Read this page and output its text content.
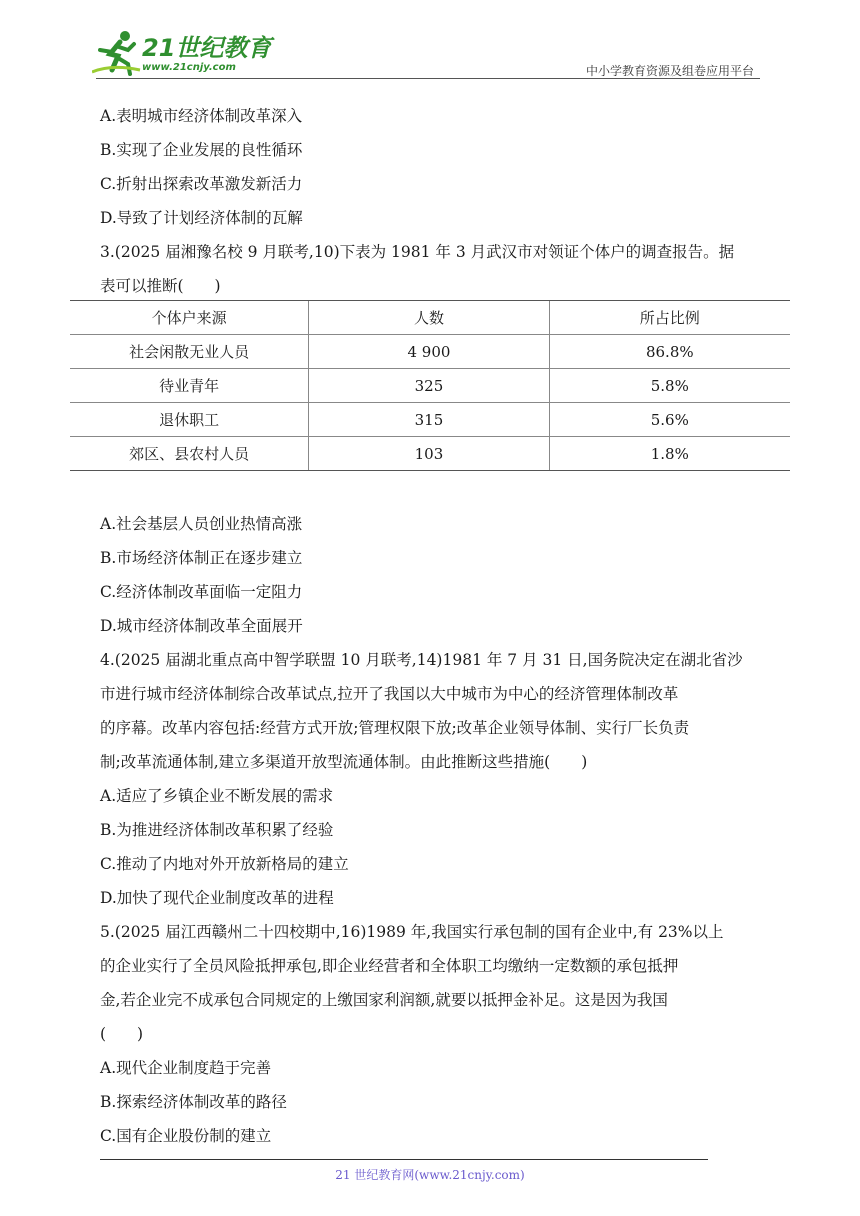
21世纪教育
www.21cnjy.com	中小学教育资源及组卷应用平台
A.表明城市经济体制改革深入
B.实现了企业发展的良性循环
C.折射出探索改革激发新活力
D.导致了计划经济体制的瓦解
3.(2025 届湘豫名校 9 月联考,10)下表为 1981 年 3 月武汉市对领证个体户的调查报告。据
表可以推断(　　)
个体户来源	人数	所占比例
社会闲散无业人员	4 900	86.8%
待业青年	325	5.8%
退休职工	315	5.6%
郊区、县农村人员	103	1.8%
A.社会基层人员创业热情高涨
B.市场经济体制正在逐步建立
C.经济体制改革面临一定阻力
D.城市经济体制改革全面展开
4.(2025 届湖北重点高中智学联盟 10 月联考,14)1981 年 7 月 31 日,国务院决定在湖北省沙
市进行城市经济体制综合改革试点,拉开了我国以大中城市为中心的经济管理体制改革
的序幕。改革内容包括:经营方式开放;管理权限下放;改革企业领导体制、实行厂长负责
制;改革流通体制,建立多渠道开放型流通体制。由此推断这些措施(　　)
A.适应了乡镇企业不断发展的需求
B.为推进经济体制改革积累了经验
C.推动了内地对外开放新格局的建立
D.加快了现代企业制度改革的进程
5.(2025 届江西赣州二十四校期中,16)1989 年,我国实行承包制的国有企业中,有 23%以上
的企业实行了全员风险抵押承包,即企业经营者和全体职工均缴纳一定数额的承包抵押
金,若企业完不成承包合同规定的上缴国家利润额,就要以抵押金补足。这是因为我国
(　　)
A.现代企业制度趋于完善
B.探索经济体制改革的路径
C.国有企业股份制的建立
21 世纪教育网(www.21cnjy.com)
